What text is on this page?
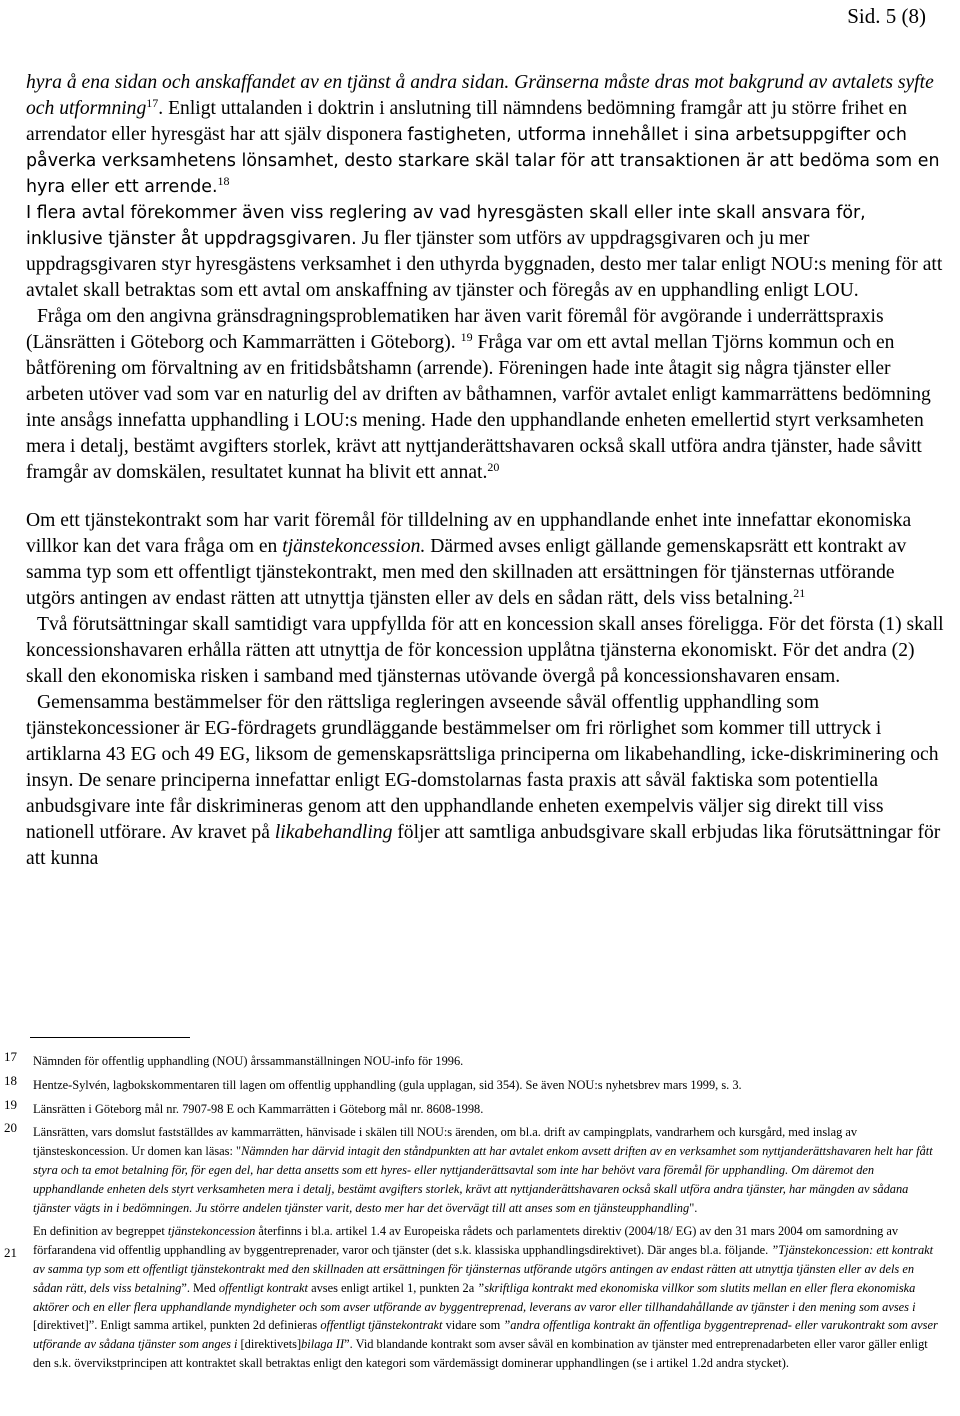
Sid. 5 (8)

hyra å ena sidan och anskaffandet av en tjänst å andra sidan. Gränserna måste dras mot bakgrund av avtalets syfte och utformning$^{17}$. Enligt uttalanden i doktrin i anslutning till nämndens bedömning framgår att ju större frihet en arrendator eller hyresgäst har att själv disponera fastigheten, utforma innehållet i sina arbetsuppgifter och påverka verksamhetens lönsamhet, desto starkare skäl talar för att transaktionen är att bedöma som en hyra eller ett arrende.$^{18}$

I flera avtal förekommer även viss reglering av vad hyresgästen skall eller inte skall ansvara för, inklusive tjänster åt uppdragsgivaren. Ju fler tjänster som utförs av uppdragsgivaren och ju mer uppdragsgivaren styr hyresgästens verksamhet i den uthyrda byggnaden, desto mer talar enligt NOU:s mening för att avtalet skall betraktas som ett avtal om anskaffning av tjänster och föregås av en upphandling enligt LOU.

Fråga om den angivna gränsdragningsproblematiken har även varit föremål för avgörande i underrättspraxis (Länsrätten i Göteborg och Kammarrätten i Göteborg). $^{19}$ Fråga var om ett avtal mellan Tjörns kommun och en båtförening om förvaltning av en fritidsbåtshamn (arrende). Föreningen hade inte åtagit sig några tjänster eller arbeten utöver vad som var en naturlig del av driften av båthamnen, varför avtalet enligt kammarrättens bedömning inte ansågs innefatta upphandling i LOU:s mening. Hade den upphandlande enheten emellertid styrt verksamheten mera i detalj, bestämt avgifters storlek, krävt att nyttjanderättshavaren också skall utföra andra tjänster, hade såvitt framgår av domskälen, resultatet kunnat ha blivit ett annat.$^{20}$

Om ett tjänstekontrakt som har varit föremål för tilldelning av en upphandlande enhet inte innefattar ekonomiska villkor kan det vara fråga om en tjänstekoncession. Därmed avses enligt gällande gemenskapsrätt ett kontrakt av samma typ som ett offentligt tjänstekontrakt, men med den skillnaden att ersättningen för tjänsternas utförande utgörs antingen av endast rätten att utnyttja tjänsten eller av dels en sådan rätt, dels viss betalning.$^{21}$

Två förutsättningar skall samtidigt vara uppfyllda för att en koncession skall anses föreligga. För det första (1) skall koncessionshavaren erhålla rätten att utnyttja de för koncession upplåtna tjänsterna ekonomiskt. För det andra (2) skall den ekonomiska risken i samband med tjänsternas utövande övergå på koncessionshavaren ensam.

Gemensamma bestämmelser för den rättsliga regleringen avseende såväl offentlig upphandling som tjänstekoncessioner är EG-fördragets grundläggande bestämmelser om fri rörlighet som kommer till uttryck i artiklarna 43 EG och 49 EG, liksom de gemenskapsrättsliga principerna om likabehandling, icke-diskriminering och insyn. De senare principerna innefattar enligt EG-domstolarnas fasta praxis att såväl faktiska som potentiella anbudsgivare inte får diskrimineras genom att den upphandlande enheten exempelvis väljer sig direkt till viss nationell utförare. Av kravet på likabehandling följer att samtliga anbudsgivare skall erbjudas lika förutsättningar för att kunna

17 Nämnden för offentlig upphandling (NOU) årssammanställningen NOU-info för 1996.

18 Hentze-Sylvén, lagbokskommentaren till lagen om offentlig upphandling (gula upplagan, sid 354). Se även NOU:s nyhetsbrev mars 1999, s. 3.

19 Länsrätten i Göteborg mål nr. 7907-98 E och Kammarrätten i Göteborg mål nr. 8608-1998.

20 Länsrätten, vars domslut fastställdes av kammarrätten, hänvisade i skälen till NOU:s ärenden, om bl.a. drift av campingplats, vandrarhem och kursgård, med inslag av tjänsteskoncession. Ur domen kan läsas: "Nämnden har därvid intagit den ståndpunkten att har avtalet enkom avsett driften av en verksamhet som nyttjanderättshavaren helt har fått styra och ta emot betalning för, för egen del, har detta ansetts som ett hyres- eller nyttjanderättsavtal som inte har behövt vara föremål för upphandling. Om däremot den upphandlande enheten dels styrt verksamheten mera i detalj, bestämt avgifters storlek, krävt att nyttjanderättshavaren också skall utföra andra tjänster, har mängden av sådana tjänster vägts in i bedömningen. Ju större andelen tjänster varit, desto mer har det övervägt till att anses som en tjänsteupphandling".

21

En definition av begreppet tjänstekoncession återfinns i bl.a. artikel 1.4 av Europeiska rådets och parlamentets direktiv (2004/18/ EG) av den 31 mars 2004 om samordning av förfarandena vid offentlig upphandling av byggentreprenader, varor och tjänster (det s.k. klassiska upphandlingsdirektivet). Där anges bl.a. följande. ”Tjänstekoncession: ett kontrakt av samma typ som ett offentligt tjänstekontrakt med den skillnaden att ersättningen för tjänsternas utförande utgörs antingen av endast rätten att utnyttja tjänsten eller av dels en sådan rätt, dels viss betalning”. Med offentligt kontrakt avses enligt artikel 1, punkten 2a ”skriftliga kontrakt med ekonomiska villkor som slutits mellan en eller flera ekonomiska aktörer och en eller flera upphandlande myndigheter och som avser utförande av byggentreprenad, leverans av varor eller tillhandahållande av tjänster i den mening som avses i [direktivet]”. Enligt samma artikel, punkten 2d definieras offentligt tjänstekontrakt vidare som ”andra offentliga kontrakt än offentliga byggentreprenad- eller varukontrakt som avser utförande av sådana tjänster som anges i [direktivets]bilaga II”. Vid blandande kontrakt som avser såväl en kombination av tjänster med entreprenadarbeten eller varor gäller enligt den s.k. övervikstprincipen att kontraktet skall betraktas enligt den kategori som värdemässigt dominerar upphandlingen (se i artikel 1.2d andra stycket).
